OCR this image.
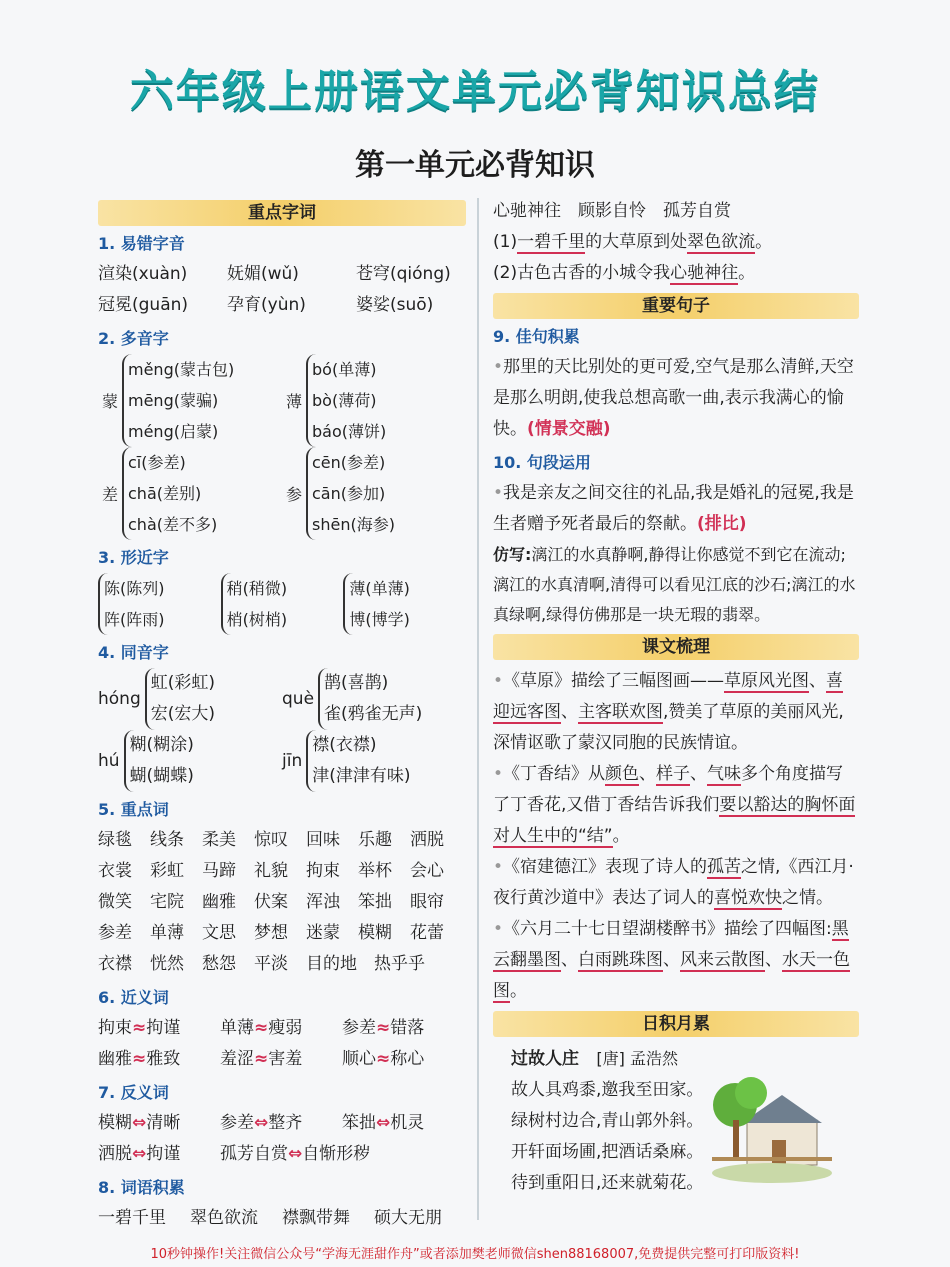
六年级上册语文单元必背知识总结
第一单元必背知识
重点字词
1. 易错字音
渲染(xuàn)	妩媚(wǔ)	苍穹(qióng)
冠冕(guān)	孕育(yùn)	婆娑(suō)
2. 多音字
蒙
měng(蒙古包)
mēng(蒙骗)
méng(启蒙)
薄
bó(单薄)
bò(薄荷)
báo(薄饼)
差
cī(参差)
chā(差别)
chà(差不多)
参
cēn(参差)
cān(参加)
shēn(海参)
3. 形近字
陈(陈列)
阵(阵雨)
稍(稍微)
梢(树梢)
薄(单薄)
博(博学)
4. 同音字
hóng
虹(彩虹)
宏(宏大)
què
鹊(喜鹊)
雀(鸦雀无声)
hú
糊(糊涂)
蝴(蝴蝶)
jīn
襟(衣襟)
津(津津有味)
5. 重点词
绿毯	线条	柔美	惊叹	回味	乐趣	洒脱
衣裳	彩虹	马蹄	礼貌	拘束	举杯	会心
微笑	宅院	幽雅	伏案	浑浊	笨拙	眼帘
参差	单薄	文思	梦想	迷蒙	模糊	花蕾
衣襟	恍然	愁怨	平淡	目的地	热乎乎
6. 近义词
拘束≈拘谨	单薄≈瘦弱	参差≈错落
幽雅≈雅致	羞涩≈害羞	顺心≈称心
7. 反义词
模糊⇔清晰	参差⇔整齐	笨拙⇔机灵
洒脱⇔拘谨	孤芳自赏⇔自惭形秽
8. 词语积累
一碧千里	翠色欲流	襟飘带舞	硕大无朋
心驰神往　顾影自怜　孤芳自赏
(1)一碧千里的大草原到处翠色欲流。
(2)古色古香的小城令我心驰神往。
重要句子
9. 佳句积累
•那里的天比别处的更可爱,空气是那么清鲜,天空是那么明朗,使我总想高歌一曲,表示我满心的愉快。(情景交融)
10. 句段运用
•我是亲友之间交往的礼品,我是婚礼的冠冕,我是生者赠予死者最后的祭献。(排比)
仿写:漓江的水真静啊,静得让你感觉不到它在流动;漓江的水真清啊,清得可以看见江底的沙石;漓江的水真绿啊,绿得仿佛那是一块无瑕的翡翠。
课文梳理
•《草原》描绘了三幅图画——草原风光图、喜迎远客图、主客联欢图,赞美了草原的美丽风光,深情讴歌了蒙汉同胞的民族情谊。
•《丁香结》从颜色、样子、气味多个角度描写了丁香花,又借丁香结告诉我们要以豁达的胸怀面对人生中的“结”。
•《宿建德江》表现了诗人的孤苦之情,《西江月·夜行黄沙道中》表达了词人的喜悦欢快之情。
•《六月二十七日望湖楼醉书》描绘了四幅图:黑云翻墨图、白雨跳珠图、风来云散图、水天一色图。
日积月累
过故人庄 [唐] 孟浩然
故人具鸡黍,邀我至田家。
绿树村边合,青山郭外斜。
开轩面场圃,把酒话桑麻。
待到重阳日,还来就菊花。
10秒钟操作!关注微信公众号“学海无涯甜作舟”或者添加樊老师微信shen88168007,免费提供完整可打印版资料!
